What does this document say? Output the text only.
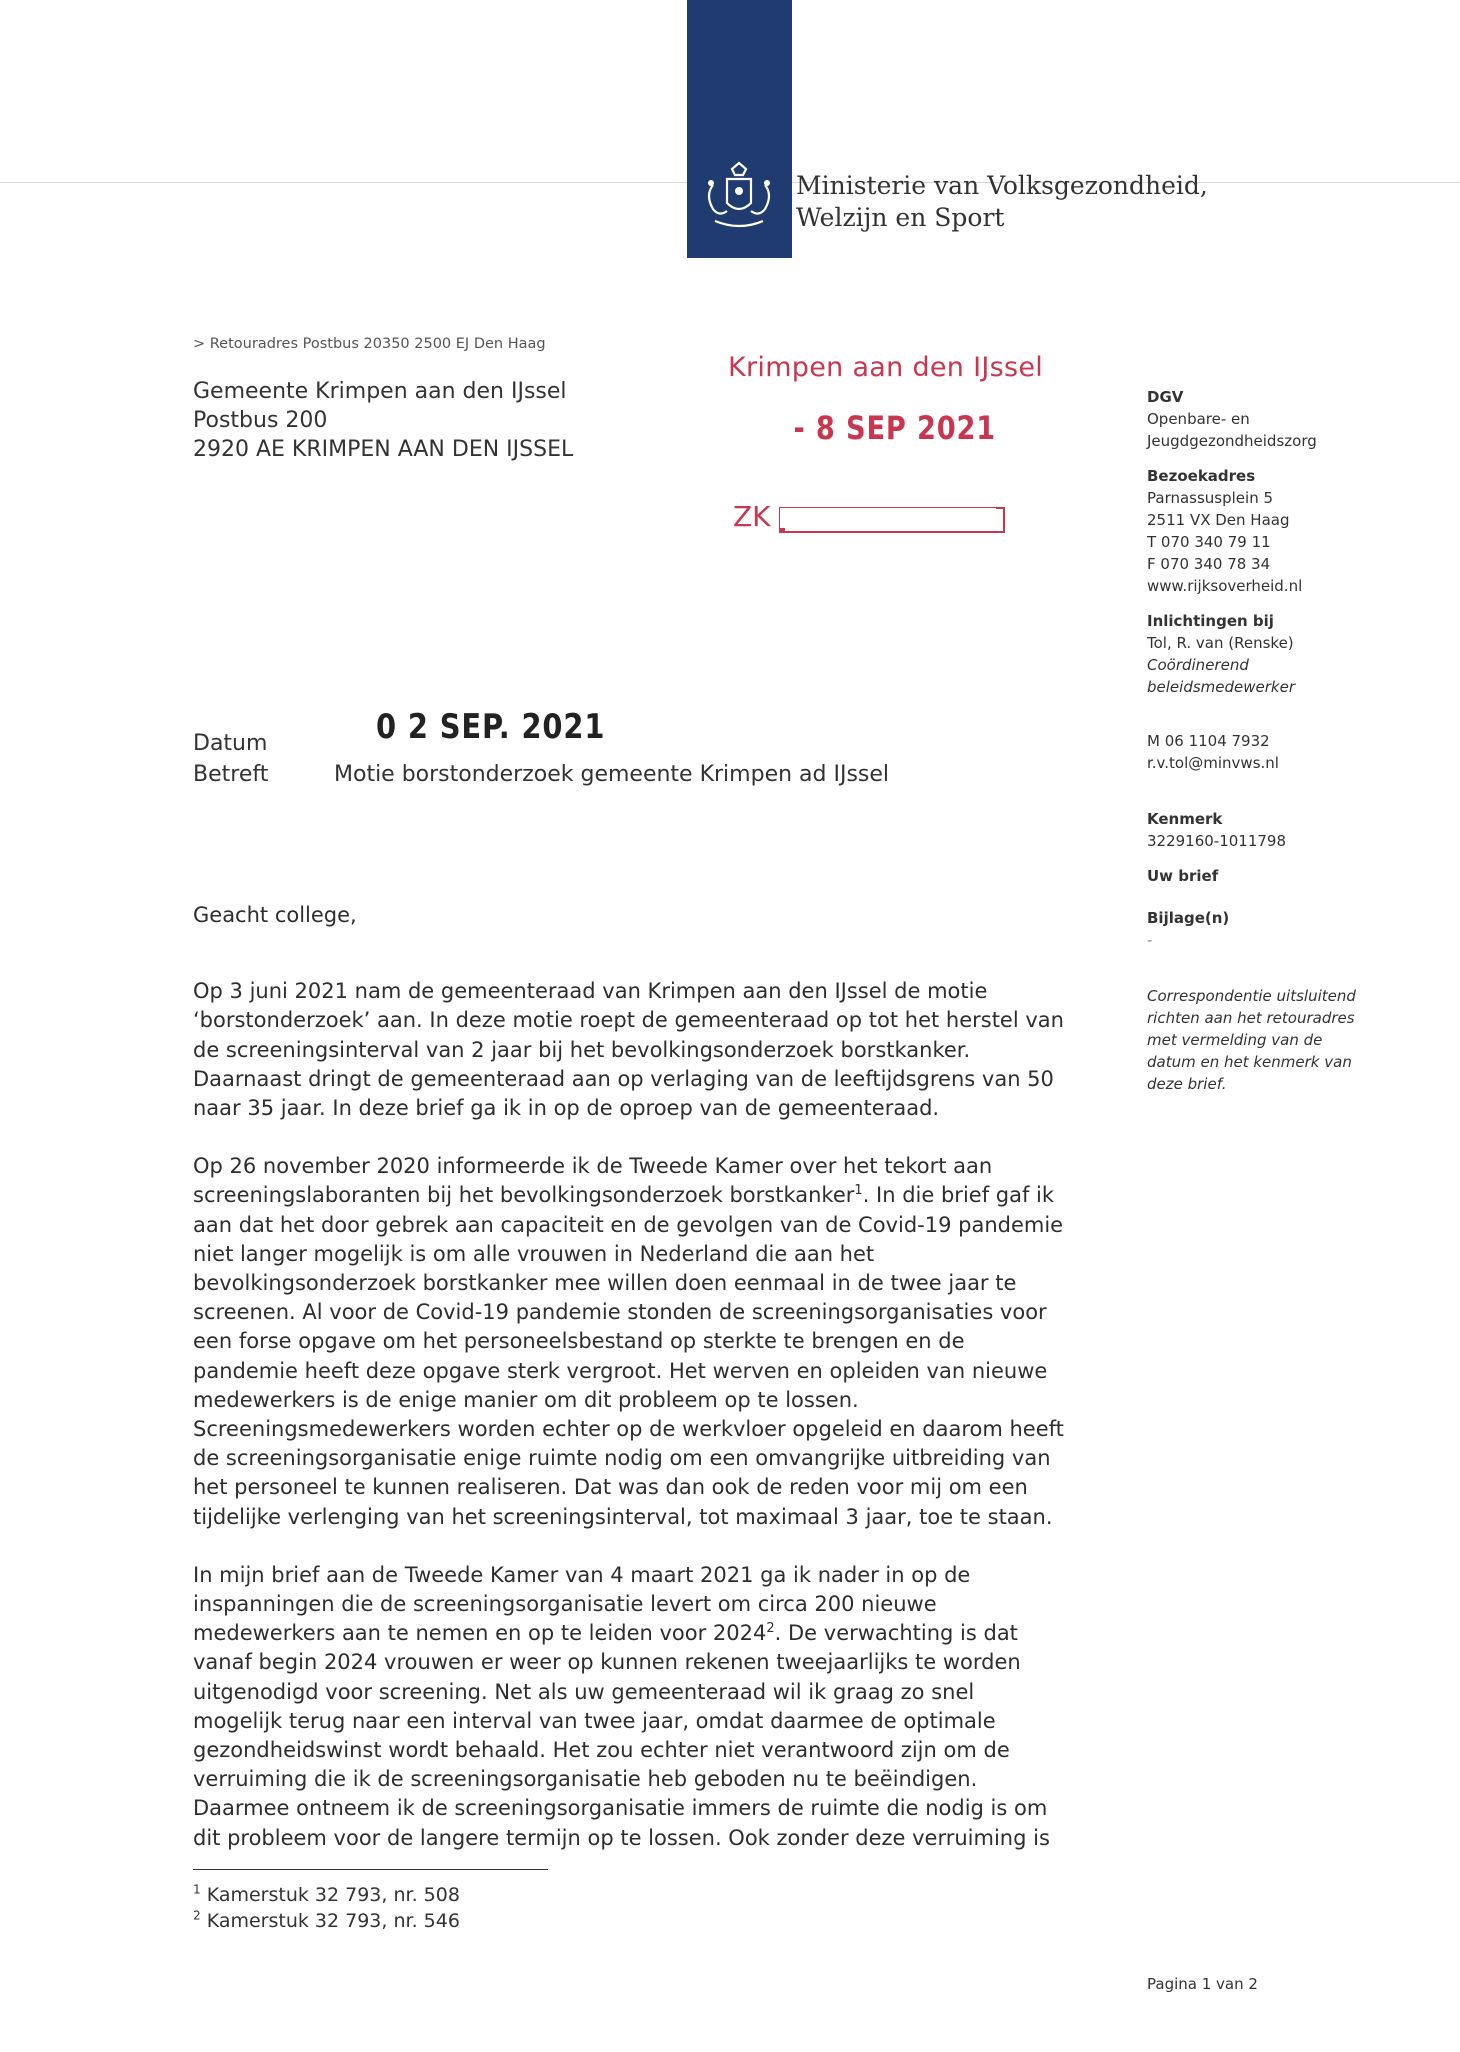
Ministerie van Volksgezondheid,
Welzijn en Sport
> Retouradres Postbus 20350 2500 EJ Den Haag
Gemeente Krimpen aan den IJssel
Postbus 200
2920 AE KRIMPEN AAN DEN IJSSEL
Krimpen aan den IJssel
- 8 SEP 2021
ZK
DGV
Openbare- en
Jeugdgezondheidszorg
Bezoekadres
Parnassusplein 5
2511 VX Den Haag
T 070 340 79 11
F 070 340 78 34
www.rijksoverheid.nl
Inlichtingen bij
Tol, R. van (Renske)
Coördinerend
beleidsmedewerker
M 06 1104 7932
r.v.tol@minvws.nl
Kenmerk
3229160-1011798
Uw brief
Bijlage(n)
-
Correspondentie uitsluitend
richten aan het retouradres
met vermelding van de
datum en het kenmerk van
deze brief.
Datum	0 2 SEP. 2021
Betreft	Motie borstonderzoek gemeente Krimpen ad IJssel

Geacht college,

Op 3 juni 2021 nam de gemeenteraad van Krimpen aan den IJssel de motie
‘borstonderzoek’ aan. In deze motie roept de gemeenteraad op tot het herstel van
de screeningsinterval van 2 jaar bij het bevolkingsonderzoek borstkanker.
Daarnaast dringt de gemeenteraad aan op verlaging van de leeftijdsgrens van 50
naar 35 jaar. In deze brief ga ik in op de oproep van de gemeenteraad.

Op 26 november 2020 informeerde ik de Tweede Kamer over het tekort aan
screeningslaboranten bij het bevolkingsonderzoek borstkanker$^1$. In die brief gaf ik
aan dat het door gebrek aan capaciteit en de gevolgen van de Covid-19 pandemie
niet langer mogelijk is om alle vrouwen in Nederland die aan het
bevolkingsonderzoek borstkanker mee willen doen eenmaal in de twee jaar te
screenen. Al voor de Covid-19 pandemie stonden de screeningsorganisaties voor
een forse opgave om het personeelsbestand op sterkte te brengen en de
pandemie heeft deze opgave sterk vergroot. Het werven en opleiden van nieuwe
medewerkers is de enige manier om dit probleem op te lossen.
Screeningsmedewerkers worden echter op de werkvloer opgeleid en daarom heeft
de screeningsorganisatie enige ruimte nodig om een omvangrijke uitbreiding van
het personeel te kunnen realiseren. Dat was dan ook de reden voor mij om een
tijdelijke verlenging van het screeningsinterval, tot maximaal 3 jaar, toe te staan.

In mijn brief aan de Tweede Kamer van 4 maart 2021 ga ik nader in op de
inspanningen die de screeningsorganisatie levert om circa 200 nieuwe
medewerkers aan te nemen en op te leiden voor 2024$^2$. De verwachting is dat
vanaf begin 2024 vrouwen er weer op kunnen rekenen tweejaarlijks te worden
uitgenodigd voor screening. Net als uw gemeenteraad wil ik graag zo snel
mogelijk terug naar een interval van twee jaar, omdat daarmee de optimale
gezondheidswinst wordt behaald. Het zou echter niet verantwoord zijn om de
verruiming die ik de screeningsorganisatie heb geboden nu te beëindigen.
Daarmee ontneem ik de screeningsorganisatie immers de ruimte die nodig is om
dit probleem voor de langere termijn op te lossen. Ook zonder deze verruiming is

$^1$ Kamerstuk 32 793, nr. 508
$^2$ Kamerstuk 32 793, nr. 546
Pagina 1 van 2
